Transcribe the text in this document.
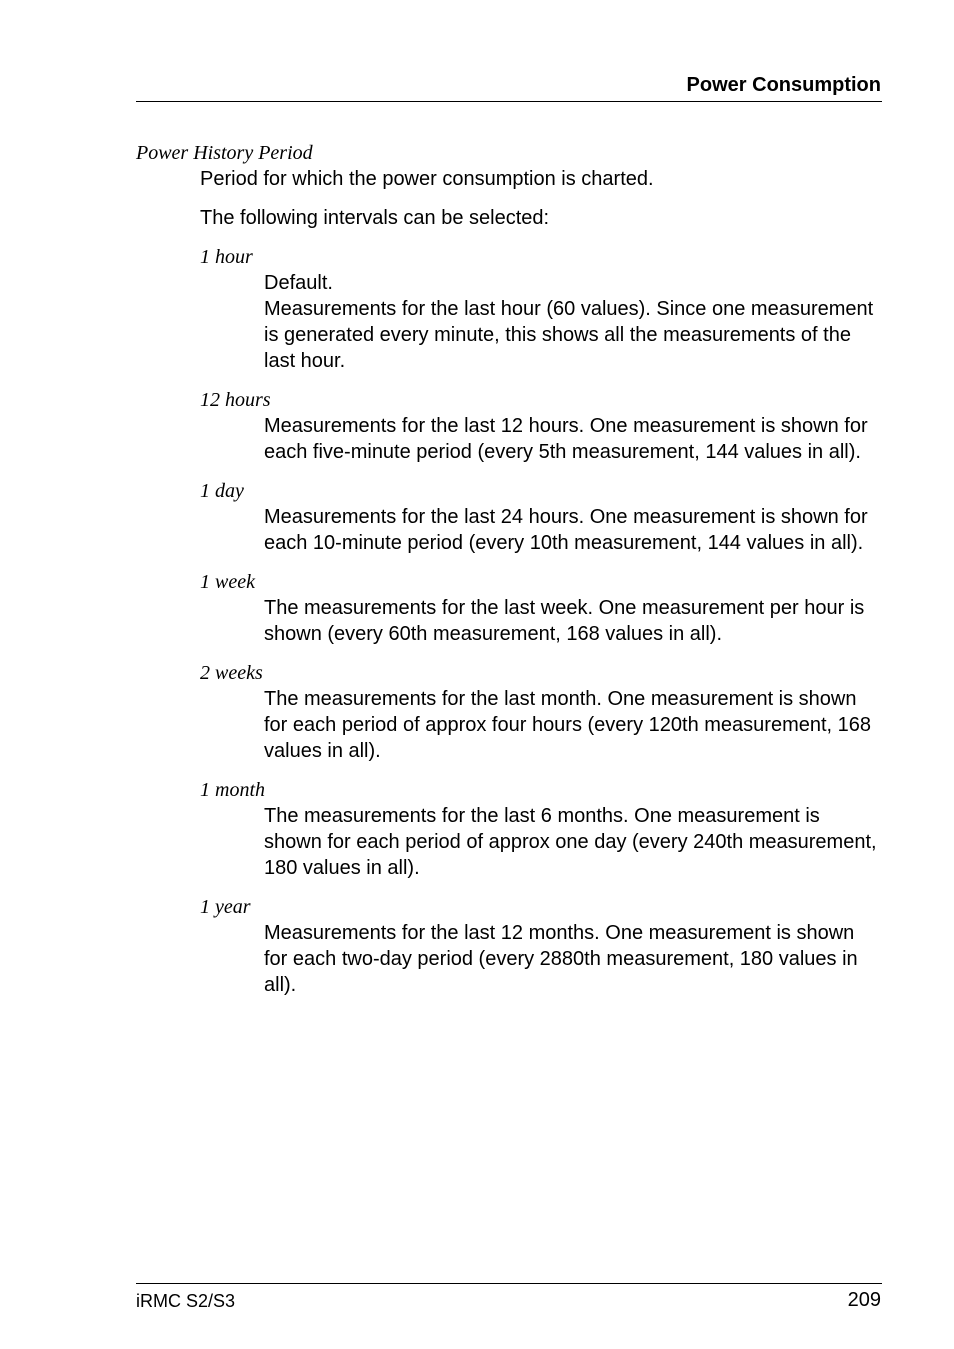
Power Consumption

Power History Period

Period for which the power consumption is charted.

The following intervals can be selected:

1 hour

Default.

Measurements for the last hour (60 values). Since one measurement is generated every minute, this shows all the measurements of the last hour.

12 hours

Measurements for the last 12 hours. One measurement is shown for each five-minute period (every 5th measurement, 144 values in all).

1 day

Measurements for the last 24 hours. One measurement is shown for each 10-minute period (every 10th measurement, 144 values in all).

1 week

The measurements for the last week. One measurement per hour is shown (every 60th measurement, 168 values in all).

2 weeks

The measurements for the last month. One measurement is shown for each period of approx four hours (every 120th measurement, 168 values in all).

1 month

The measurements for the last 6 months. One measurement is shown for each period of approx one day (every 240th measurement, 180 values in all).

1 year

Measurements for the last 12 months. One measurement is shown for each two-day period (every 2880th measurement, 180 values in all).

iRMC S2/S3	209
